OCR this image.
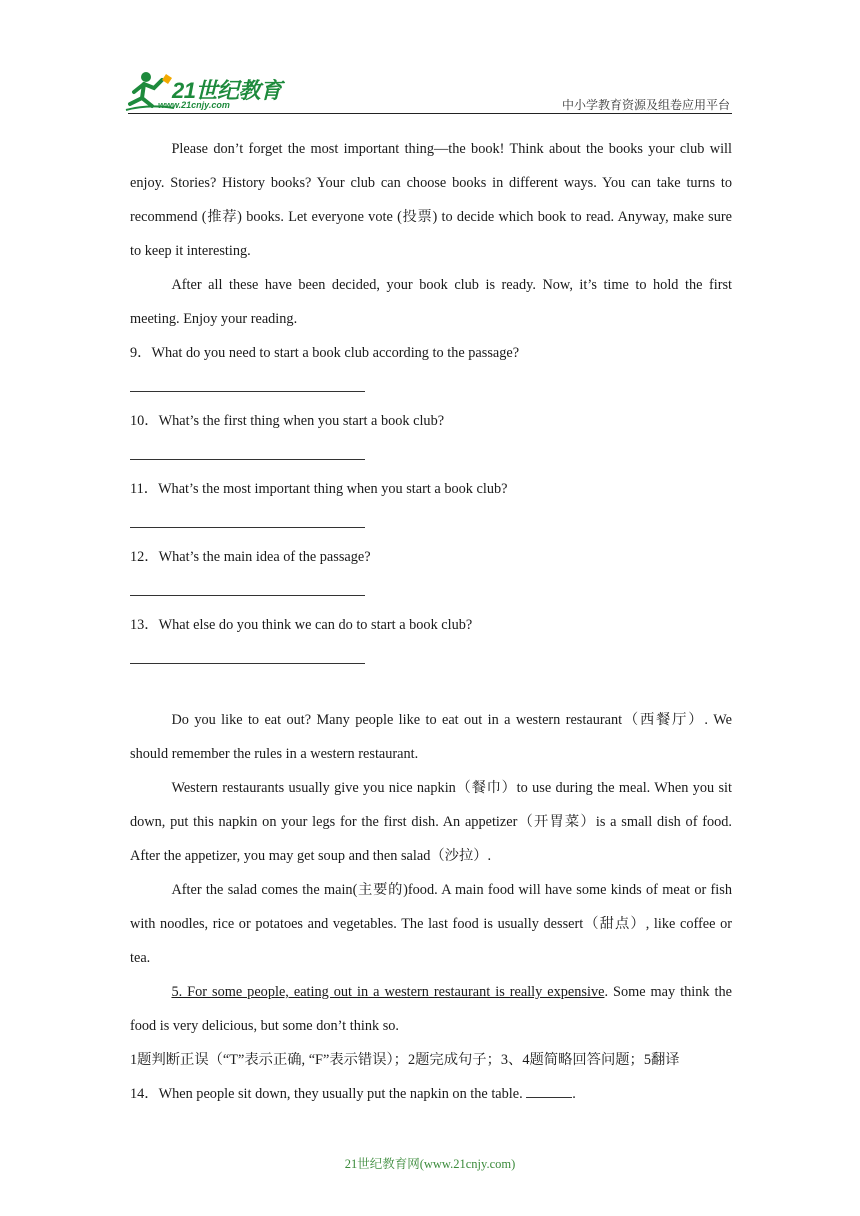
21世纪教育
www.21cnjy.com	中小学教育资源及组卷应用平台

Please don’t forget the most important thing—the book! Think about the books your club will enjoy. Stories? History books? Your club can choose books in different ways. You can take turns to recommend (推荐) books. Let everyone vote (投票) to decide which book to read. Anyway, make sure to keep it interesting.

After all these have been decided, your book club is ready. Now, it’s time to hold the first meeting. Enjoy your reading.

9．What do you need to start a book club according to the passage?

10．What’s the first thing when you start a book club?

11．What’s the most important thing when you start a book club?

12．What’s the main idea of the passage?

13．What else do you think we can do to start a book club?

Do you like to eat out? Many people like to eat out in a western restaurant（西餐厅）. We should remember the rules in a western restaurant.

Western restaurants usually give you nice napkin（餐巾）to use during the meal. When you sit down, put this napkin on your legs for the first dish. An appetizer（开胃菜）is a small dish of food. After the appetizer, you may get soup and then salad（沙拉）.

After the salad comes the main(主要的)food. A main food will have some kinds of meat or fish with noodles, rice or potatoes and vegetables. The last food is usually dessert（甜点）, like coffee or tea.

5. For some people, eating out in a western restaurant is really expensive. Some may think the food is very delicious, but some don’t think so.

1题判断正误（“T”表示正确, “F”表示错误）；2题完成句子；3、4题简略回答问题；5翻译

14．When people sit down, they usually put the napkin on the table.	.

21世纪教育网(www.21cnjy.com)
